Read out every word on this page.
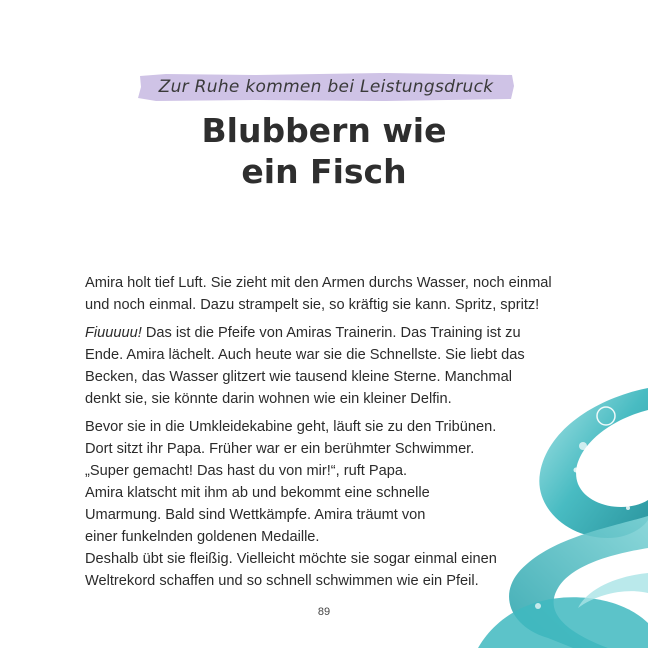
Zur Ruhe kommen bei Leistungsdruck
Blubbern wie
ein Fisch

Amira holt tief Luft. Sie zieht mit den Armen durchs Wasser, noch einmal
und noch einmal. Dazu strampelt sie, so kräftig sie kann. Spritz, spritz!

Fiuuuuu! Das ist die Pfeife von Amiras Trainerin. Das Training ist zu
Ende. Amira lächelt. Auch heute war sie die Schnellste. Sie liebt das
Becken, das Wasser glitzert wie tausend kleine Sterne. Manchmal
denkt sie, sie könnte darin wohnen wie ein kleiner Delfin.

Bevor sie in die Umkleidekabine geht, läuft sie zu den Tribünen.
Dort sitzt ihr Papa. Früher war er ein berühmter Schwimmer.
„Super gemacht! Das hast du von mir!“, ruft Papa.
Amira klatscht mit ihm ab und bekommt eine schnelle
Umarmung. Bald sind Wettkämpfe. Amira träumt von
einer funkelnden goldenen Medaille.
Deshalb übt sie fleißig. Vielleicht möchte sie sogar einmal einen
Weltrekord schaffen und so schnell schwimmen wie ein Pfeil.

89
